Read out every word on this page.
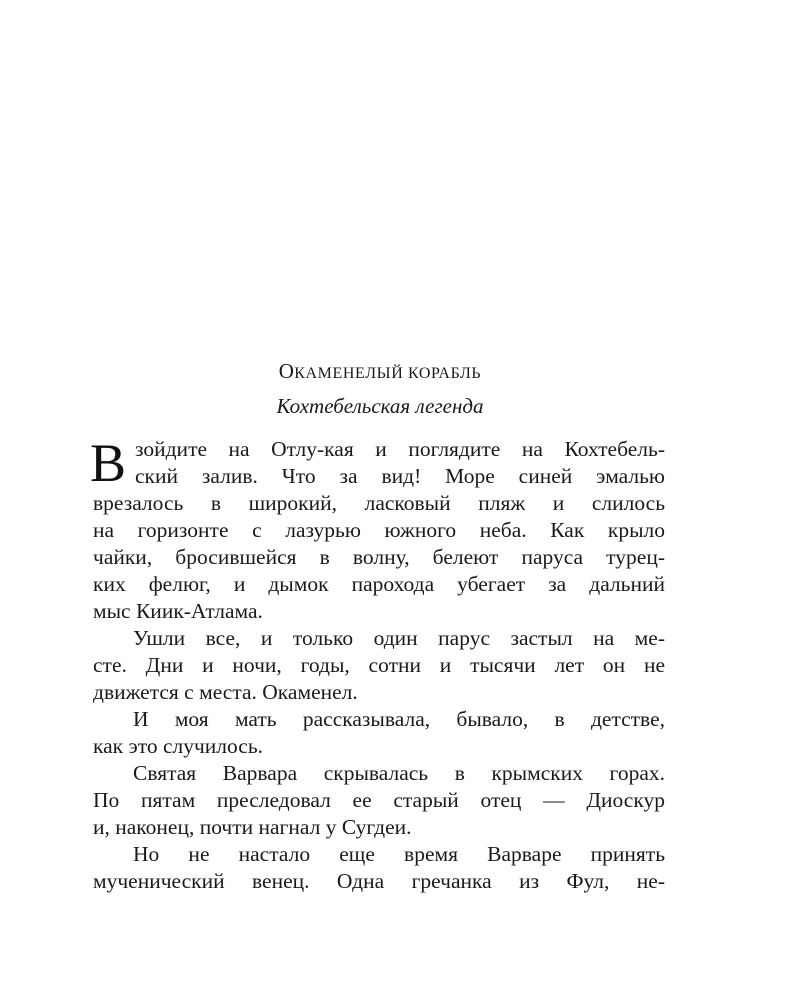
ОКАМЕНЕЛЫЙ КОРАБЛЬ
Кохтебельская легенда
В зойдите на Отлу-кая и поглядите на Кохтебель-
ский залив. Что за вид! Море синей эмалью
врезалось в широкий, ласковый пляж и слилось
на горизонте с лазурью южного неба. Как крыло
чайки, бросившейся в волну, белеют паруса турец-
ких фелюг, и дымок парохода убегает за дальний
мыс Киик-Атлама.
Ушли все, и только один парус застыл на ме-
сте. Дни и ночи, годы, сотни и тысячи лет он не
движется с места. Окаменел.
И моя мать рассказывала, бывало, в детстве,
как это случилось.
Святая Варвара скрывалась в крымских горах.
По пятам преследовал ее старый отец — Диоскур
и, наконец, почти нагнал у Сугдеи.
Но не настало еще время Варваре принять
мученический венец. Одна гречанка из Фул, не-
